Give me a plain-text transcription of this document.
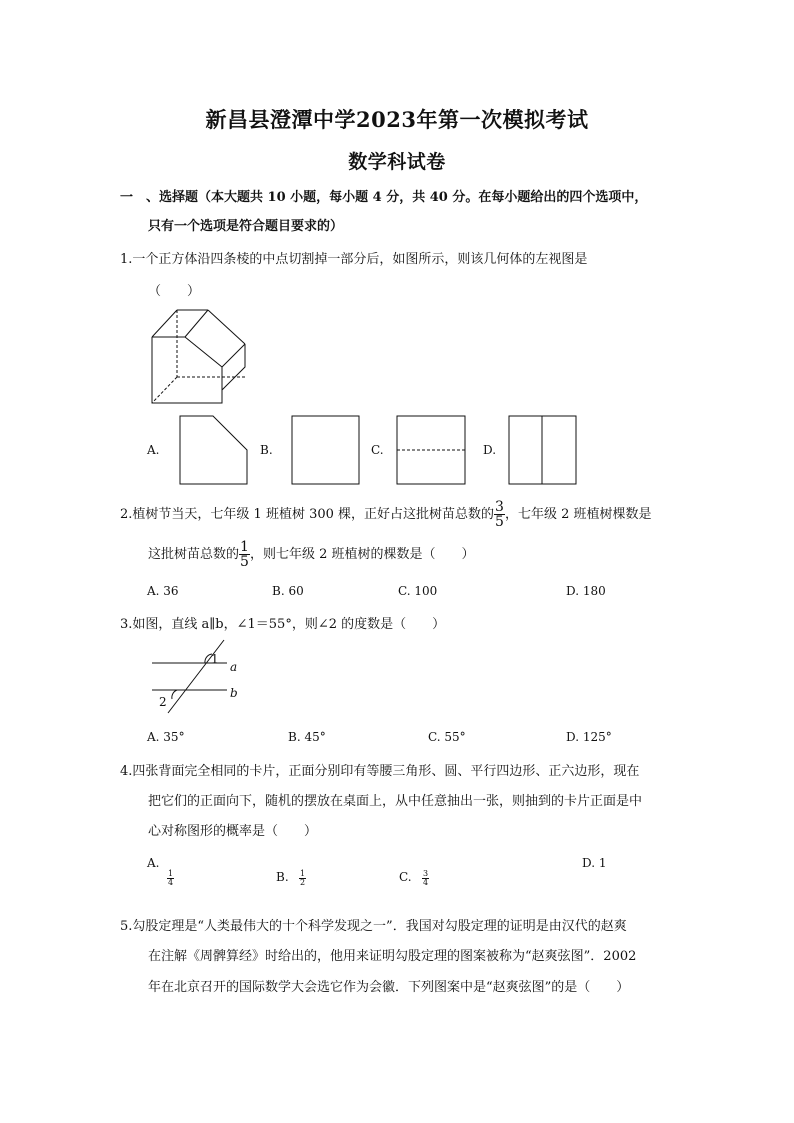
新昌县澄潭中学2023年第一次模拟考试
数学科试卷
一　、选择题（本大题共 10 小题，每小题 4 分，共 40 分。在每小题给出的四个选项中，
只有一个选项是符合题目要求的）
1.一个正方体沿四条棱的中点切割掉一部分后，如图所示，则该几何体的左视图是
（　　）
A.	B.	C.	D.
2.植树节当天，七年级 1 班植树 300 棵，正好占这批树苗总数的 $\frac{3}{5}$ ，七年级 2 班植树棵数是
这批树苗总数的 $\frac{1}{5}$ ，则七年级 2 班植树的棵数是（　　）
A. 36	B. 60	C. 100	D. 180
3.如图，直线 a∥b，∠1＝55°，则∠2 的度数是（　　）
1
a
b
2
A. 35°	B. 45°	C. 55°	D. 125°
4.四张背面完全相同的卡片，正面分别印有等腰三角形、圆、平行四边形、正六边形，现在
把它们的正面向下，随机的摆放在桌面上，从中任意抽出一张，则抽到的卡片正面是中
心对称图形的概率是（　　）
A.
$\frac{1}{4}$	B. $\frac{1}{2}$	C. $\frac{3}{4}$
D. 1
5.勾股定理是“人类最伟大的十个科学发现之一”．我国对勾股定理的证明是由汉代的赵爽
在注解《周髀算经》时给出的，他用来证明勾股定理的图案被称为“赵爽弦图”．2002
年在北京召开的国际数学大会选它作为会徽．下列图案中是“赵爽弦图”的是（　　）
